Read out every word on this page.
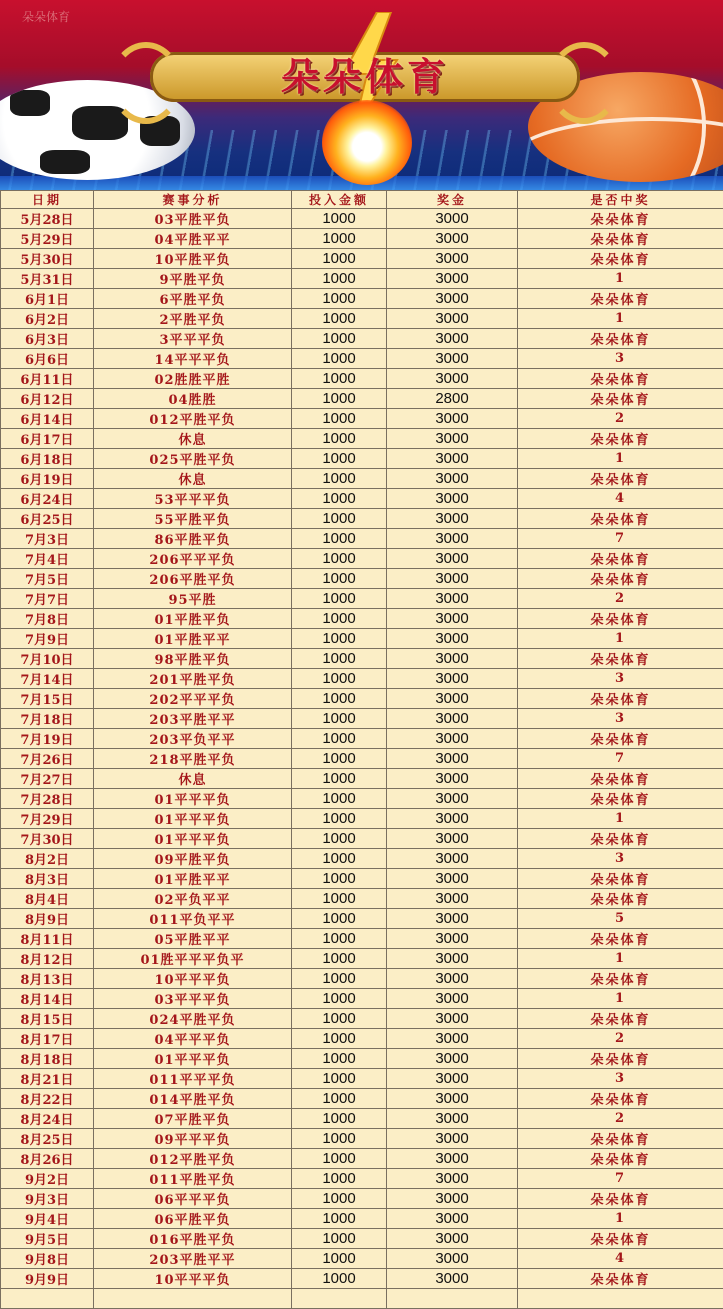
朵朵体育
朵朵体育
日期	赛事分析	投入金额	奖金	是否中奖
5月28日	03平胜平负	1000	3000	朵朵体育
5月29日	04平胜平平	1000	3000	朵朵体育
5月30日	10平胜平负	1000	3000	朵朵体育
5月31日	9平胜平负	1000	3000	1
6月1日	6平胜平负	1000	3000	朵朵体育
6月2日	2平胜平负	1000	3000	1
6月3日	3平平平负	1000	3000	朵朵体育
6月6日	14平平平负	1000	3000	3
6月11日	02胜胜平胜	1000	3000	朵朵体育
6月12日	04胜胜	1000	2800	朵朵体育
6月14日	012平胜平负	1000	3000	2
6月17日	休息	1000	3000	朵朵体育
6月18日	025平胜平负	1000	3000	1
6月19日	休息	1000	3000	朵朵体育
6月24日	53平平平负	1000	3000	4
6月25日	55平胜平负	1000	3000	朵朵体育
7月3日	86平胜平负	1000	3000	7
7月4日	206平平平负	1000	3000	朵朵体育
7月5日	206平胜平负	1000	3000	朵朵体育
7月7日	95平胜	1000	3000	2
7月8日	01平胜平负	1000	3000	朵朵体育
7月9日	01平胜平平	1000	3000	1
7月10日	98平胜平负	1000	3000	朵朵体育
7月14日	201平胜平负	1000	3000	3
7月15日	202平平平负	1000	3000	朵朵体育
7月18日	203平胜平平	1000	3000	3
7月19日	203平负平平	1000	3000	朵朵体育
7月26日	218平胜平负	1000	3000	7
7月27日	休息	1000	3000	朵朵体育
7月28日	01平平平负	1000	3000	朵朵体育
7月29日	01平平平负	1000	3000	1
7月30日	01平平平负	1000	3000	朵朵体育
8月2日	09平胜平负	1000	3000	3
8月3日	01平胜平平	1000	3000	朵朵体育
8月4日	02平负平平	1000	3000	朵朵体育
8月9日	011平负平平	1000	3000	5
8月11日	05平胜平平	1000	3000	朵朵体育
8月12日	01胜平平平负平	1000	3000	1
8月13日	10平平平负	1000	3000	朵朵体育
8月14日	03平平平负	1000	3000	1
8月15日	024平胜平负	1000	3000	朵朵体育
8月17日	04平平平负	1000	3000	2
8月18日	01平平平负	1000	3000	朵朵体育
8月21日	011平平平负	1000	3000	3
8月22日	014平胜平负	1000	3000	朵朵体育
8月24日	07平胜平负	1000	3000	2
8月25日	09平平平负	1000	3000	朵朵体育
8月26日	012平胜平负	1000	3000	朵朵体育
9月2日	011平胜平负	1000	3000	7
9月3日	06平平平负	1000	3000	朵朵体育
9月4日	06平胜平负	1000	3000	1
9月5日	016平胜平负	1000	3000	朵朵体育
9月8日	203平胜平平	1000	3000	4
9月9日	10平平平负	1000	3000	朵朵体育
